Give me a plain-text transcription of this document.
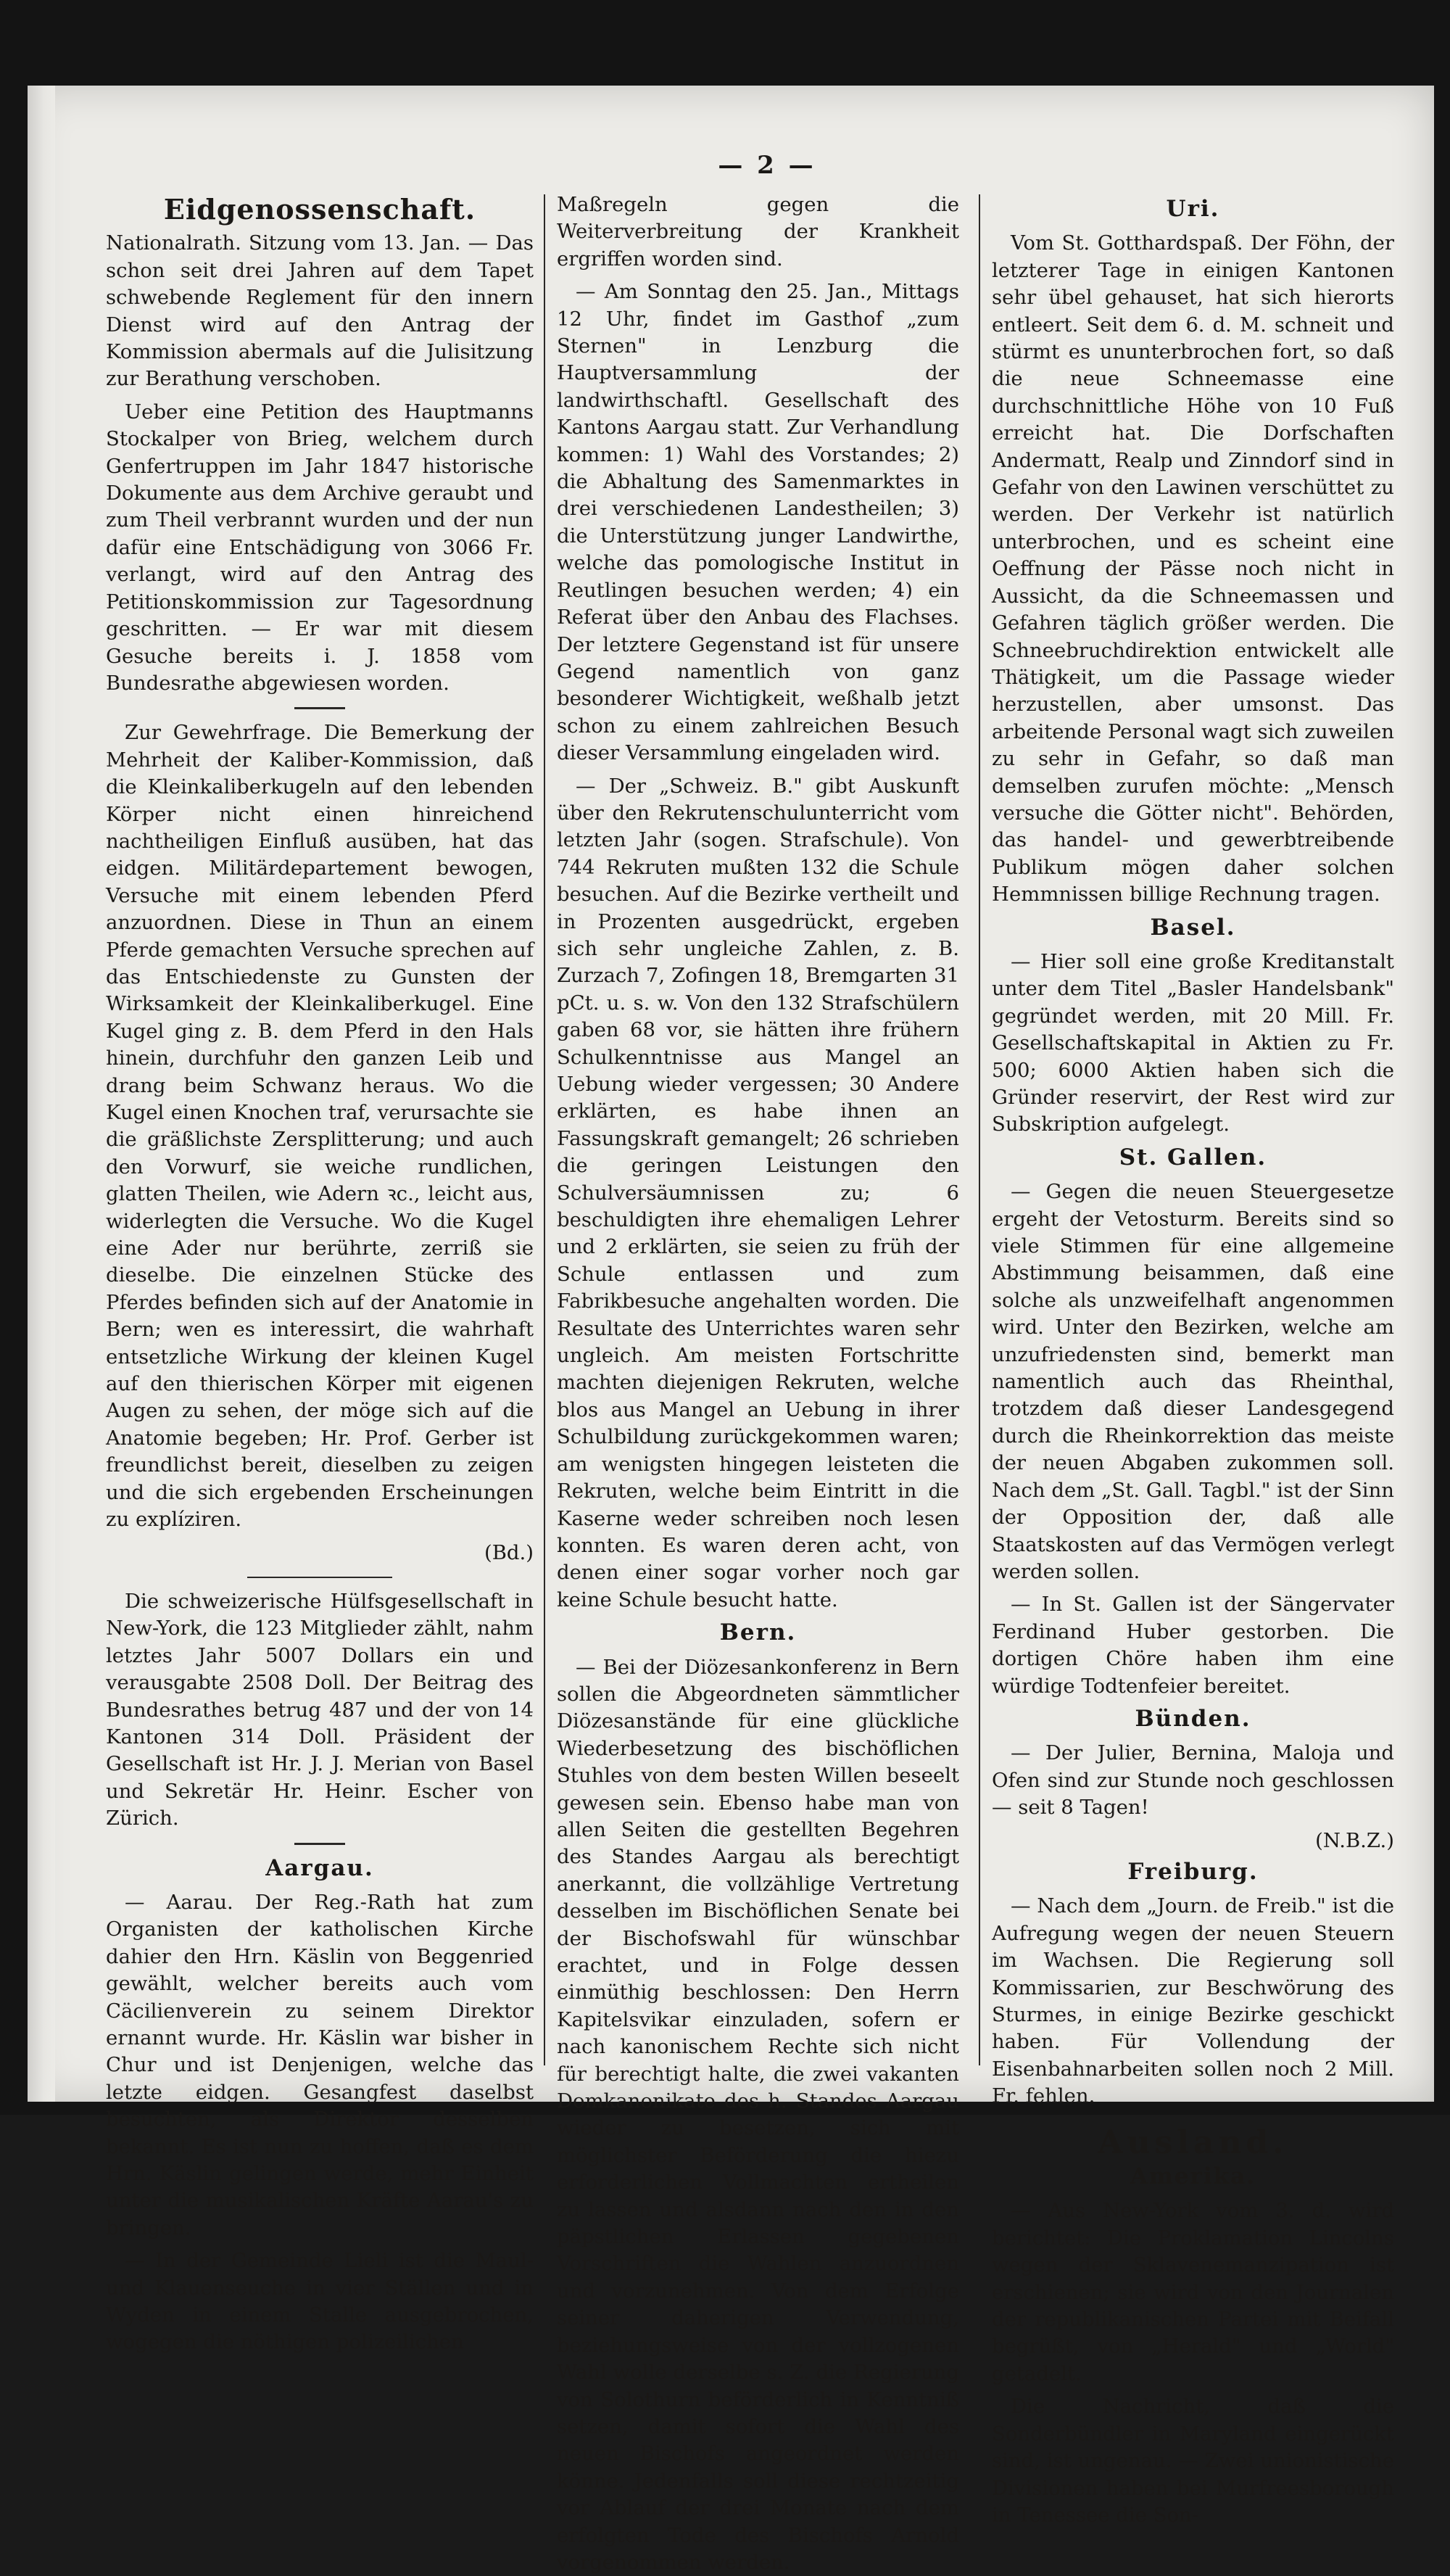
— 2 —
Eidgenossenschaft.

Nationalrath. Sitzung vom 13. Jan. — Das schon seit drei Jahren auf dem Tapet schwebende Reglement für den innern Dienst wird auf den Antrag der Kommission abermals auf die Julisitzung zur Berathung verschoben.

Ueber eine Petition des Hauptmanns Stockalper von Brieg, welchem durch Genfertruppen im Jahr 1847 historische Dokumente aus dem Archive geraubt und zum Theil verbrannt wurden und der nun dafür eine Entschädigung von 3066 Fr. verlangt, wird auf den Antrag des Petitionskommission zur Tagesordnung geschritten. — Er war mit diesem Gesuche bereits i. J. 1858 vom Bundesrathe abgewiesen worden.

Zur Gewehrfrage. Die Bemerkung der Mehrheit der Kaliber-Kommission, daß die Kleinkaliberkugeln auf den lebenden Körper nicht einen hinreichend nachtheiligen Einfluß ausüben, hat das eidgen. Militärdepartement bewogen, Versuche mit einem lebenden Pferd anzuordnen. Diese in Thun an einem Pferde gemachten Versuche sprechen auf das Entschiedenste zu Gunsten der Wirksamkeit der Kleinkaliberkugel. Eine Kugel ging z. B. dem Pferd in den Hals hinein, durchfuhr den ganzen Leib und drang beim Schwanz heraus. Wo die Kugel einen Knochen traf, verursachte sie die gräßlichste Zersplitterung; und auch den Vorwurf, sie weiche rundlichen, glatten Theilen, wie Adern ꝛc., leicht aus, widerlegten die Versuche. Wo die Kugel eine Ader nur berührte, zerriß sie dieselbe. Die einzelnen Stücke des Pferdes befinden sich auf der Anatomie in Bern; wen es interessirt, die wahrhaft entsetzliche Wirkung der kleinen Kugel auf den thierischen Körper mit eigenen Augen zu sehen, der möge sich auf die Anatomie begeben; Hr. Prof. Gerber ist freundlichst bereit, dieselben zu zeigen und die sich ergebenden Erscheinungen zu explíziren.

(Bd.)

Die schweizerische Hülfsgesellschaft in New-York, die 123 Mitglieder zählt, nahm letztes Jahr 5007 Dollars ein und verausgabte 2508 Doll. Der Beitrag des Bundesrathes betrug 487 und der von 14 Kantonen 314 Doll. Präsident der Gesellschaft ist Hr. J. J. Merian von Basel und Sekretär Hr. Heinr. Escher von Zürich.

Aargau.

— Aarau. Der Reg.-Rath hat zum Organisten der katholischen Kirche dahier den Hrn. Käslin von Beggenried gewählt, welcher bereits auch vom Cäcilienverein zu seinem Direktor ernannt wurde. Hr. Käslin war bisher in Chur und ist Denjenigen, welche das letzte eidgen. Gesangfest daselbst besuchten, als Direktor desselben bekannt. Es ist nun zu hoffen, daß es dem Hrn. Käslin gelingen werde, mehr Einheit unter die musikalischen Kräfte Aarau's zu bringen.

— In der Gemeinde Lieli ist die Maul- und Klauenseuche in vier Ställen und in Wyden in einem Stalle ausgebrochen, wogegen die nöthigen polizeilichen

Maßregeln gegen die Weiterverbreitung der Krankheit ergriffen worden sind.

— Am Sonntag den 25. Jan., Mittags 12 Uhr, findet im Gasthof „zum Sternen" in Lenzburg die Hauptversammlung der landwirthschaftl. Gesellschaft des Kantons Aargau statt. Zur Verhandlung kommen: 1) Wahl des Vorstandes; 2) die Abhaltung des Samenmarktes in drei verschiedenen Landestheilen; 3) die Unterstützung junger Landwirthe, welche das pomologische Institut in Reutlingen besuchen werden; 4) ein Referat über den Anbau des Flachses. Der letztere Gegenstand ist für unsere Gegend namentlich von ganz besonderer Wichtigkeit, weßhalb jetzt schon zu einem zahlreichen Besuch dieser Versammlung eingeladen wird.

— Der „Schweiz. B." gibt Auskunft über den Rekrutenschulunterricht vom letzten Jahr (sogen. Strafschule). Von 744 Rekruten mußten 132 die Schule besuchen. Auf die Bezirke vertheilt und in Prozenten ausgedrückt, ergeben sich sehr ungleiche Zahlen, z. B. Zurzach 7, Zofingen 18, Bremgarten 31 pCt. u. s. w. Von den 132 Strafschülern gaben 68 vor, sie hätten ihre frühern Schulkenntnisse aus Mangel an Uebung wieder vergessen; 30 Andere erklärten, es habe ihnen an Fassungskraft gemangelt; 26 schrieben die geringen Leistungen den Schulversäumnissen zu; 6 beschuldigten ihre ehemaligen Lehrer und 2 erklärten, sie seien zu früh der Schule entlassen und zum Fabrikbesuche angehalten worden. Die Resultate des Unterrichtes waren sehr ungleich. Am meisten Fortschritte machten diejenigen Rekruten, welche blos aus Mangel an Uebung in ihrer Schulbildung zurückgekommen waren; am wenigsten hingegen leisteten die Rekruten, welche beim Eintritt in die Kaserne weder schreiben noch lesen konnten. Es waren deren acht, von denen einer sogar vorher noch gar keine Schule besucht hatte.

Bern.

— Bei der Diözesankonferenz in Bern sollen die Abgeordneten sämmtlicher Diözesanstände für eine glückliche Wiederbesetzung des bischöflichen Stuhles von dem besten Willen beseelt gewesen sein. Ebenso habe man von allen Seiten die gestellten Begehren des Standes Aargau als berechtigt anerkannt, die vollzählige Vertretung desselben im Bischöflichen Senate bei der Bischofswahl für wünschbar erachtet, und in Folge dessen einmüthig beschlossen: Den Herrn Kapitelsvikar einzuladen, sofern er nach kanonischem Rechte sich nicht für berechtigt halte, die zwei vakanten Domkanonikate des h. Standes Aargau wieder zu besetzen, sich mit möglichster Beförderung die hiezu erforderlichen Vollmachten ertheilen zu lassen und alsdann nach den in den päpstlichen Erlassen gegebenen Vorschriften die Wahlen anzuordnen und vorzunehmen. Von dem Erfolge seiner daherigen Verwendung, beziehungsweise von der vollzogenen Wahl wolle derselbe s. Z. die Regierung von Solothurn beförderlich in Kenntniß setzen, damit sofort die Wahl des neuen Bischofs angeordnet werden könne. Jedenfalls soll diese rechtzeitig vor Ablauf der drei Monate nach dem erfolgten Tode des Bischofs Arnold vorgenommen werden.

Uri.

Vom St. Gotthardspaß. Der Föhn, der letzterer Tage in einigen Kantonen sehr übel gehauset, hat sich hierorts entleert. Seit dem 6. d. M. schneit und stürmt es ununterbrochen fort, so daß die neue Schneemasse eine durchschnittliche Höhe von 10 Fuß erreicht hat. Die Dorfschaften Andermatt, Realp und Zinndorf sind in Gefahr von den Lawinen verschüttet zu werden. Der Verkehr ist natürlich unterbrochen, und es scheint eine Oeffnung der Pässe noch nicht in Aussicht, da die Schneemassen und Gefahren täglich größer werden. Die Schneebruchdirektion entwickelt alle Thätigkeit, um die Passage wieder herzustellen, aber umsonst. Das arbeitende Personal wagt sich zuweilen zu sehr in Gefahr, so daß man demselben zurufen möchte: „Mensch versuche die Götter nicht". Behörden, das handel- und gewerbtreibende Publikum mögen daher solchen Hemmnissen billige Rechnung tragen.

Basel.

— Hier soll eine große Kreditanstalt unter dem Titel „Basler Handelsbank" gegründet werden, mit 20 Mill. Fr. Gesellschaftskapital in Aktien zu Fr. 500; 6000 Aktien haben sich die Gründer reservirt, der Rest wird zur Subskription aufgelegt.

St. Gallen.

— Gegen die neuen Steuergesetze ergeht der Vetosturm. Bereits sind so viele Stimmen für eine allgemeine Abstimmung beisammen, daß eine solche als unzweifelhaft angenommen wird. Unter den Bezirken, welche am unzufriedensten sind, bemerkt man namentlich auch das Rheinthal, trotzdem daß dieser Landesgegend durch die Rheinkorrektion das meiste der neuen Abgaben zukommen soll. Nach dem „St. Gall. Tagbl." ist der Sinn der Opposition der, daß alle Staatskosten auf das Vermögen verlegt werden sollen.

— In St. Gallen ist der Sängervater Ferdinand Huber gestorben. Die dortigen Chöre haben ihm eine würdige Todtenfeier bereitet.

Bünden.

— Der Julier, Bernina, Maloja und Ofen sind zur Stunde noch geschlossen — seit 8 Tagen!

(N.B.Z.)
Freiburg.

— Nach dem „Journ. de Freib." ist die Aufregung wegen der neuen Steuern im Wachsen. Die Regierung soll Kommissarien, zur Beschwörung des Sturmes, in einige Bezirke geschickt haben. Für Vollendung der Eisenbahnarbeiten sollen noch 2 Mill. Fr. fehlen.

Ausland.
Amerika.

— Aus New-York vom 3. d. wird berichtet: Die Proklamation Lincolns wegen der Sklavenemanzipation ist erschienen; sie wird von den Journalen der republikanischen Partei mit Beifall begrüßt, von „Herald" und „World" getadelt.

Die Nachricht, daß die Sonderbündler in Maryland eingerückt sind, ist ungenau. — Zwei unionistische Divisionen haben bei Murfreesborough in Tenessee die Son-
